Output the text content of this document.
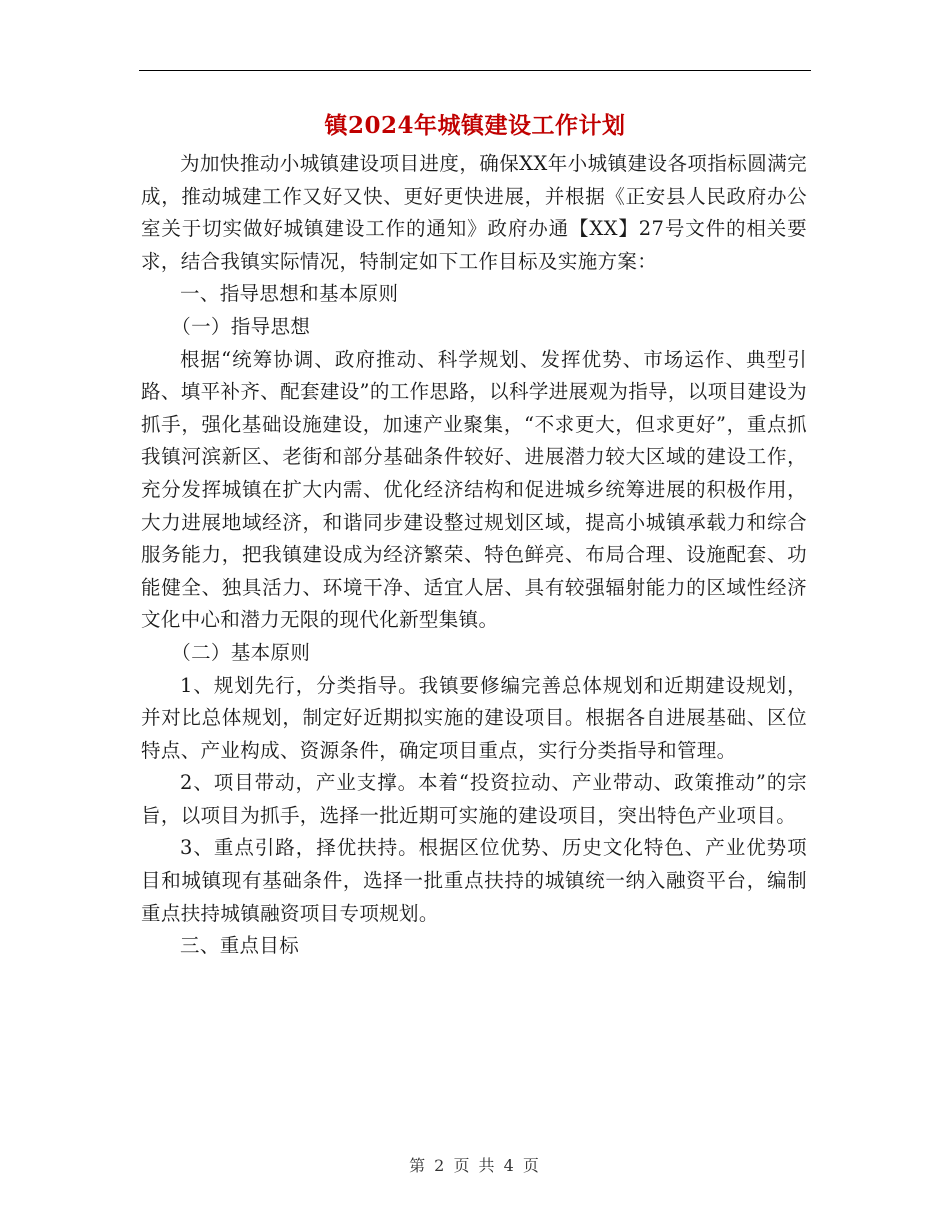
镇2024年城镇建设工作计划

为加快推动小城镇建设项目进度，确保XX年小城镇建设各项指标圆满完成，推动城建工作又好又快、更好更快进展，并根据《正安县人民政府办公室关于切实做好城镇建设工作的通知》政府办通【XX】27号文件的相关要求，结合我镇实际情况，特制定如下工作目标及实施方案：

一、指导思想和基本原则

（一）指导思想

根据“统筹协调、政府推动、科学规划、发挥优势、市场运作、典型引路、填平补齐、配套建设”的工作思路，以科学进展观为指导，以项目建设为抓手，强化基础设施建设，加速产业聚集，“不求更大，但求更好”，重点抓我镇河滨新区、老街和部分基础条件较好、进展潜力较大区域的建设工作，充分发挥城镇在扩大内需、优化经济结构和促进城乡统筹进展的积极作用，大力进展地域经济，和谐同步建设整过规划区域，提高小城镇承载力和综合服务能力，把我镇建设成为经济繁荣、特色鲜亮、布局合理、设施配套、功能健全、独具活力、环境干净、适宜人居、具有较强辐射能力的区域性经济文化中心和潜力无限的现代化新型集镇。

（二）基本原则

1、规划先行，分类指导。我镇要修编完善总体规划和近期建设规划，并对比总体规划，制定好近期拟实施的建设项目。根据各自进展基础、区位特点、产业构成、资源条件，确定项目重点，实行分类指导和管理。

2、项目带动，产业支撑。本着“投资拉动、产业带动、政策推动”的宗旨，以项目为抓手，选择一批近期可实施的建设项目，突出特色产业项目。

3、重点引路，择优扶持。根据区位优势、历史文化特色、产业优势项目和城镇现有基础条件，选择一批重点扶持的城镇统一纳入融资平台，编制重点扶持城镇融资项目专项规划。

三、重点目标

第 2 页 共 4 页
